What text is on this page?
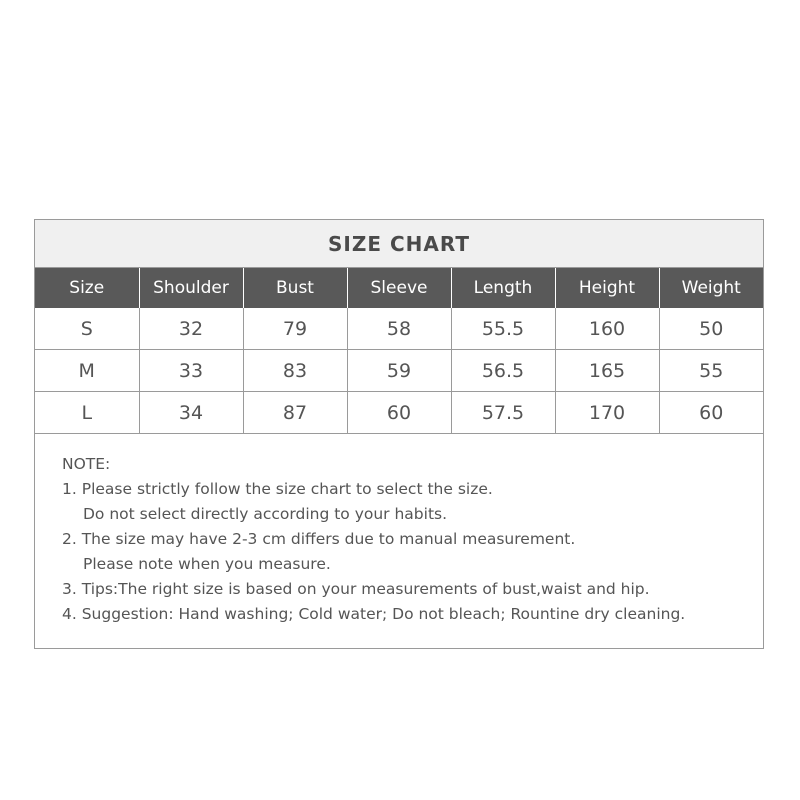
SIZE CHART
Size	Shoulder	Bust	Sleeve	Length	Height	Weight
S	32	79	58	55.5	160	50
M	33	83	59	56.5	165	55
L	34	87	60	57.5	170	60
NOTE:
1. Please strictly follow the size chart to select the size.
Do not select directly according to your habits.
2. The size may have 2-3 cm differs due to manual measurement.
Please note when you measure.
3. Tips:The right size is based on your measurements of bust,waist and hip.
4. Suggestion: Hand washing; Cold water; Do not bleach; Rountine dry cleaning.
